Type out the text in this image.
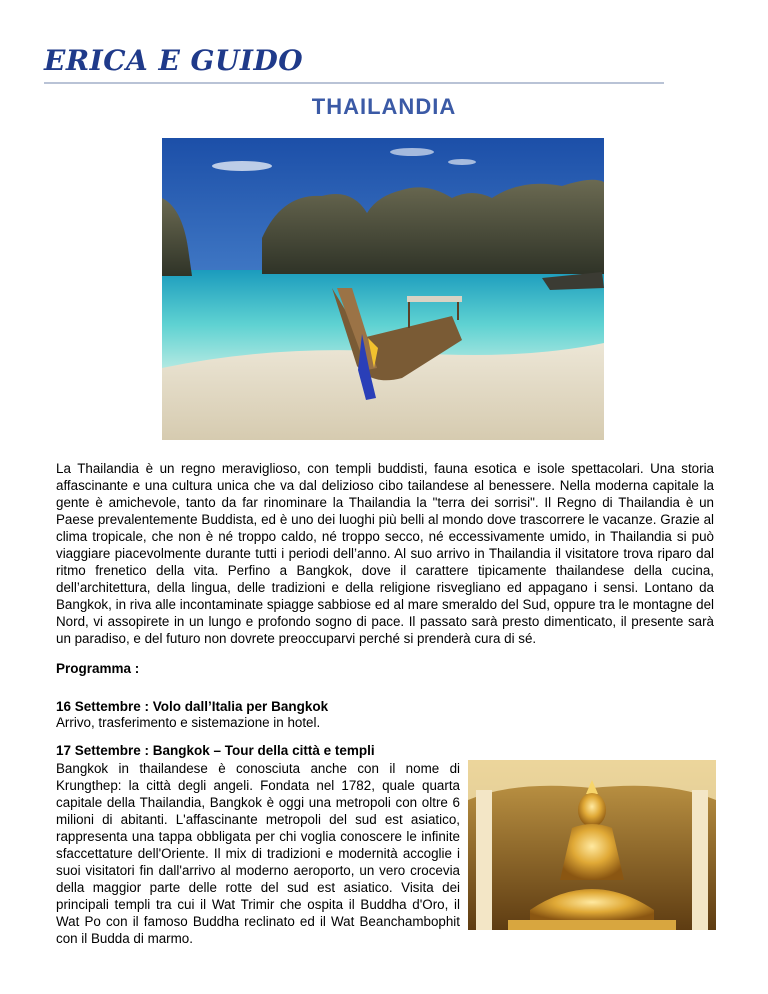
ERICA E GUIDO
THAILANDIA
La Thailandia è un regno meraviglioso, con templi buddisti, fauna esotica e isole spettacolari. Una storia affascinante e una cultura unica che va dal delizioso cibo tailandese al benessere. Nella moderna capitale la gente è amichevole, tanto da far rinominare la Thailandia la "terra dei sorrisi". Il Regno di Thailandia è un Paese prevalentemente Buddista, ed è uno dei luoghi più belli al mondo dove trascorrere le vacanze. Grazie al clima tropicale, che non è né troppo caldo, né troppo secco, né eccessivamente umido, in Thailandia si può viaggiare piacevolmente durante tutti i periodi dell’anno. Al suo arrivo in Thailandia il visitatore trova riparo dal ritmo frenetico della vita. Perfino a Bangkok, dove il carattere tipicamente thailandese della cucina, dell’architettura, della lingua, delle tradizioni e della religione risvegliano ed appagano i sensi. Lontano da Bangkok, in riva alle incontaminate spiagge sabbiose ed al mare smeraldo del Sud, oppure tra le montagne del Nord, vi assopirete in un lungo e profondo sogno di pace. Il passato sarà presto dimenticato, il presente sarà un paradiso, e del futuro non dovrete preoccuparvi perché si prenderà cura di sé.
Programma :
16 Settembre : Volo dall’Italia per Bangkok
Arrivo, trasferimento e sistemazione in hotel.
17 Settembre : Bangkok – Tour della città e templi
Bangkok in thailandese è conosciuta anche con il nome di Krungthep: la città degli angeli. Fondata nel 1782, quale quarta capitale della Thailandia, Bangkok è oggi una metropoli con oltre 6 milioni di abitanti. L'affascinante metropoli del sud est asiatico, rappresenta una tappa obbligata per chi voglia conoscere le infinite sfaccettature dell'Oriente. Il mix di tradizioni e modernità accoglie i suoi visitatori fin dall'arrivo al moderno aeroporto, un vero crocevia della maggior parte delle rotte del sud est asiatico. Visita dei principali templi tra cui il Wat Trimir che ospita il Buddha d'Oro, il Wat Po con il famoso Buddha reclinato ed il Wat Beanchambophit con il Budda di marmo.
